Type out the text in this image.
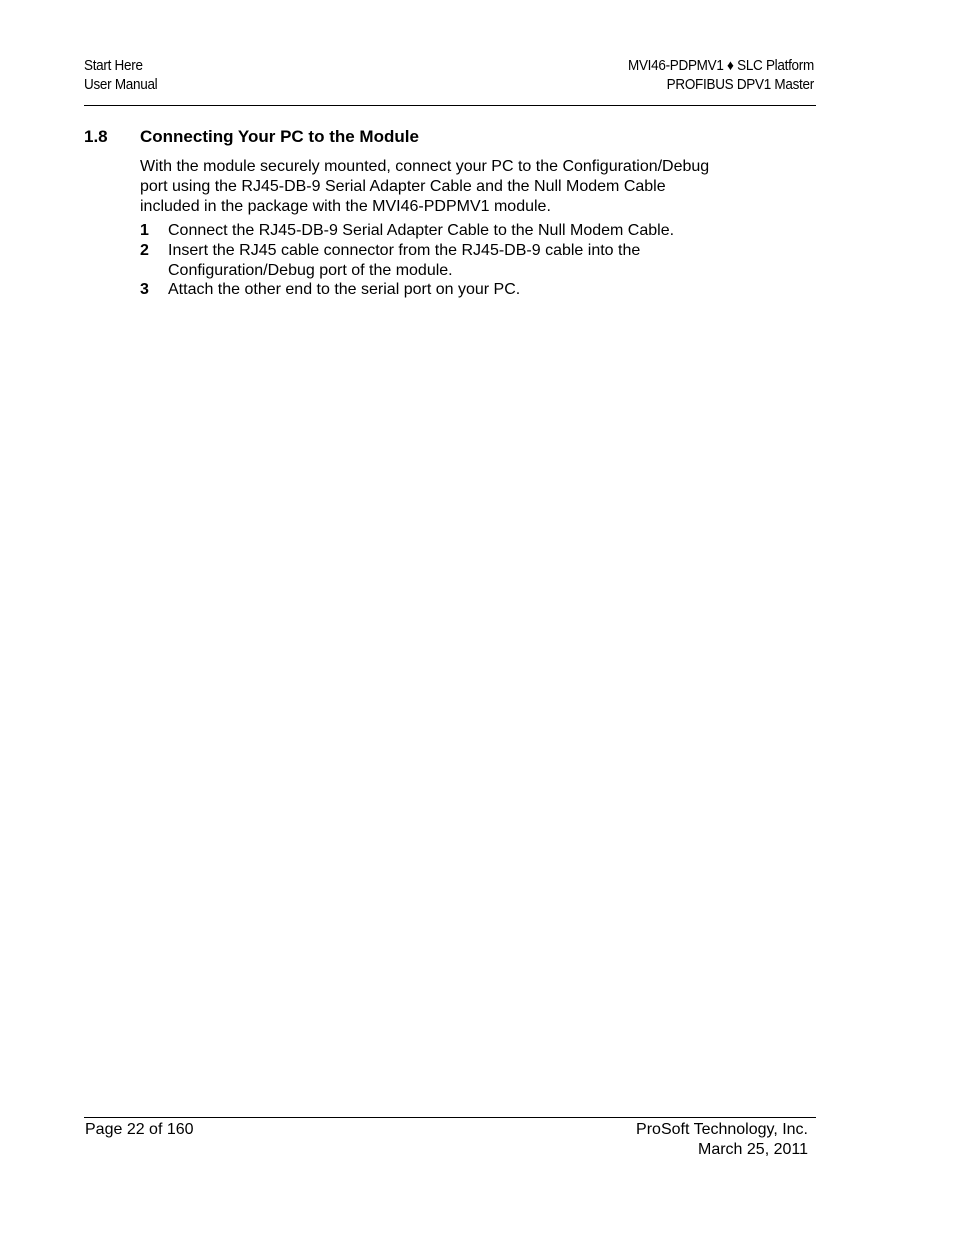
Start Here
User Manual
MVI46-PDPMV1 ♦ SLC Platform
PROFIBUS DPV1 Master
1.8 Connecting Your PC to the Module
With the module securely mounted, connect your PC to the Configuration/Debug
port using the RJ45-DB-9 Serial Adapter Cable and the Null Modem Cable
included in the package with the MVI46-PDPMV1 module.
1 Connect the RJ45-DB-9 Serial Adapter Cable to the Null Modem Cable.
2 Insert the RJ45 cable connector from the RJ45-DB-9 cable into the
Configuration/Debug port of the module.
3 Attach the other end to the serial port on your PC.
Page 22 of 160	ProSoft Technology, Inc.
March 25, 2011
